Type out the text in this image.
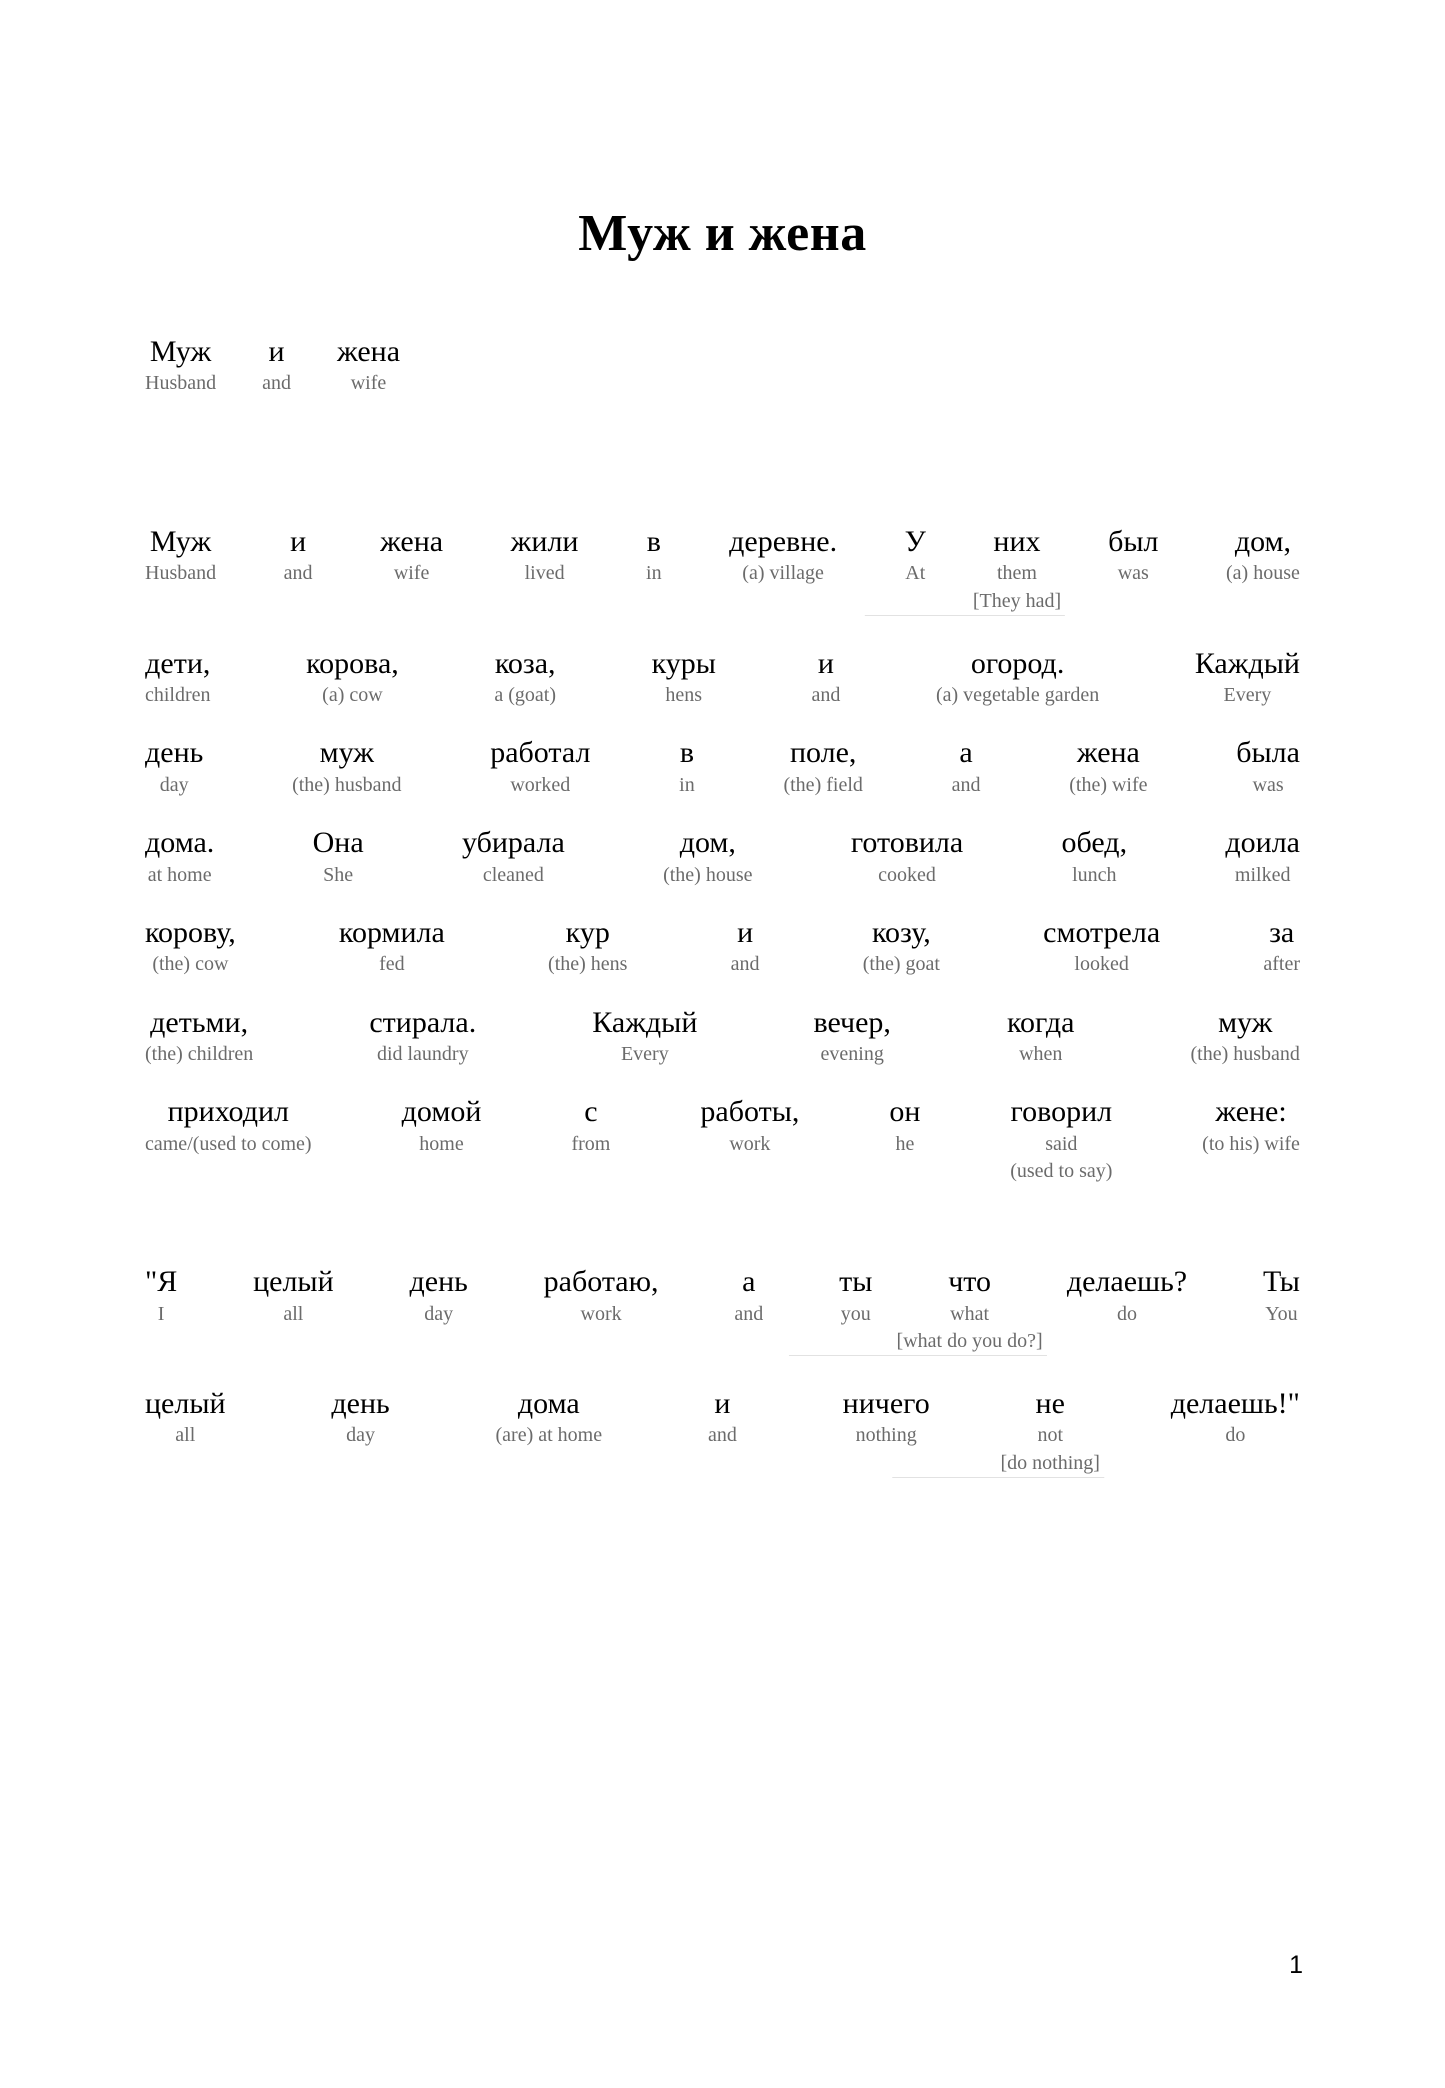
Муж и жена
Муж
Husband
и
and
жена
wife
Муж
Husband
и
and
жена
wife
жили
lived
в
in
деревне.
(a) village
У
At
них
them
[They had]
был
was
дом,
(a) house
дети,
children
корова,
(a) cow
коза,
a (goat)
куры
hens
и
and
огород.
(a) vegetable garden
Каждый
Every
день
day
муж
(the) husband
работал
worked
в
in
поле,
(the) field
а
and
жена
(the) wife
была
was
дома.
at home
Она
She
убирала
cleaned
дом,
(the) house
готовила
cooked
обед,
lunch
доила
milked
корову,
(the) cow
кормила
fed
кур
(the) hens
и
and
козу,
(the) goat
смотрела
looked
за
after
детьми,
(the) children
стирала.
did laundry
Каждый
Every
вечер,
evening
когда
when
муж
(the) husband
приходил
came/(used to come)
домой
home
с
from
работы,
work
он
he
говорил
said
(used to say)
жене:
(to his) wife
"Я
I
целый
all
день
day
работаю,
work
а
and
ты
you
что
what
[what do you do?]
делаешь?
do
Ты
You
целый
all
день
day
дома
(are) at home
и
and
ничего
nothing
не
not
[do nothing]
делаешь!"
do
1
